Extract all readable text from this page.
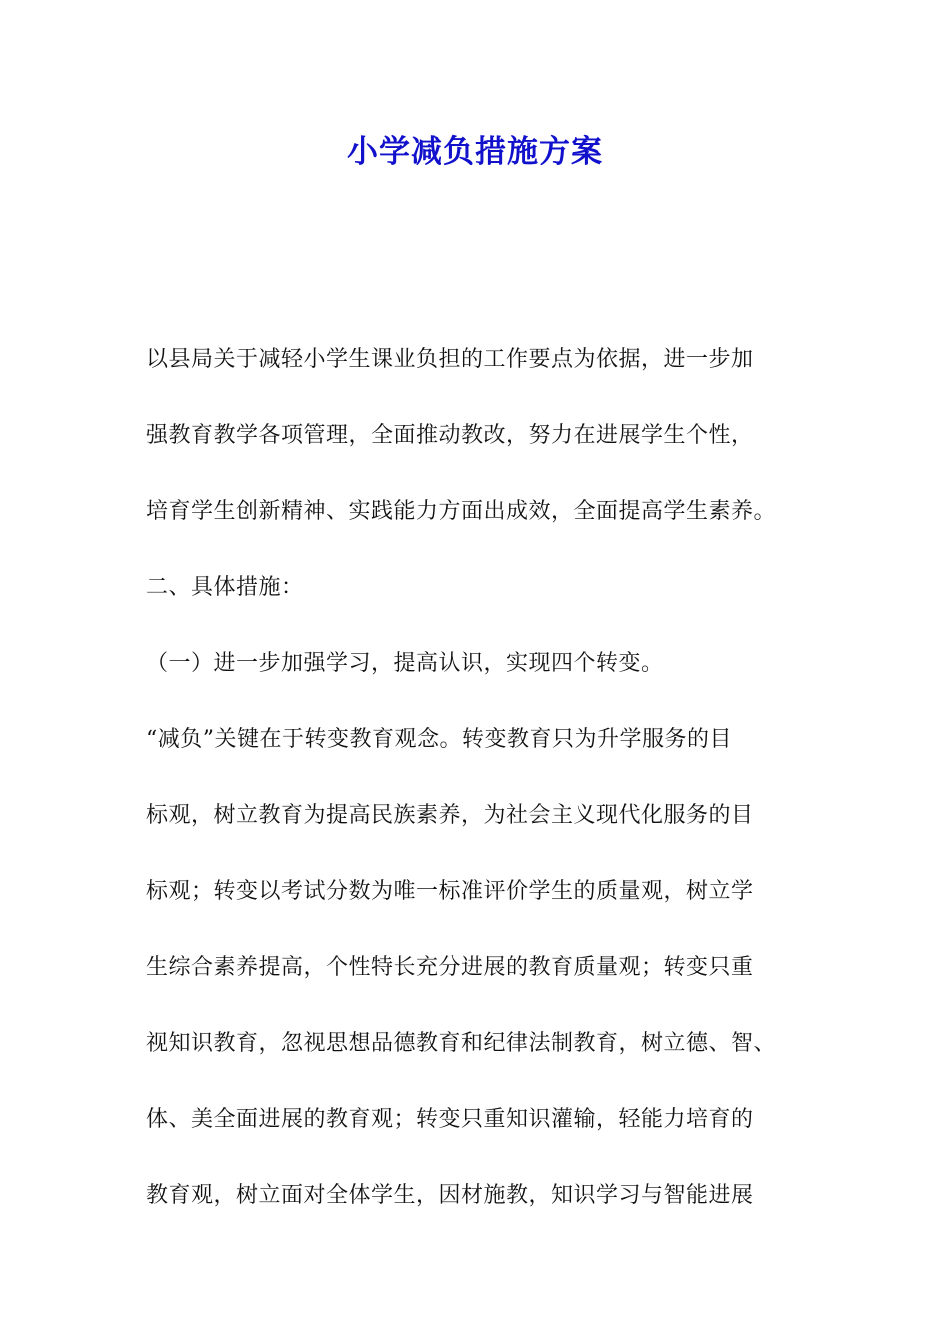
小学减负措施方案

以县局关于减轻小学生课业负担的工作要点为依据，进一步加

强教育教学各项管理，全面推动教改，努力在进展学生个性，

培育学生创新精神、实践能力方面出成效，全面提高学生素养。

二、具体措施：

（一）进一步加强学习，提高认识，实现四个转变。

“减负”关键在于转变教育观念。转变教育只为升学服务的目

标观，树立教育为提高民族素养，为社会主义现代化服务的目

标观；转变以考试分数为唯一标准评价学生的质量观，树立学

生综合素养提高，个性特长充分进展的教育质量观；转变只重

视知识教育，忽视思想品德教育和纪律法制教育，树立德、智、

体、美全面进展的教育观；转变只重知识灌输，轻能力培育的

教育观，树立面对全体学生，因材施教，知识学习与智能进展
